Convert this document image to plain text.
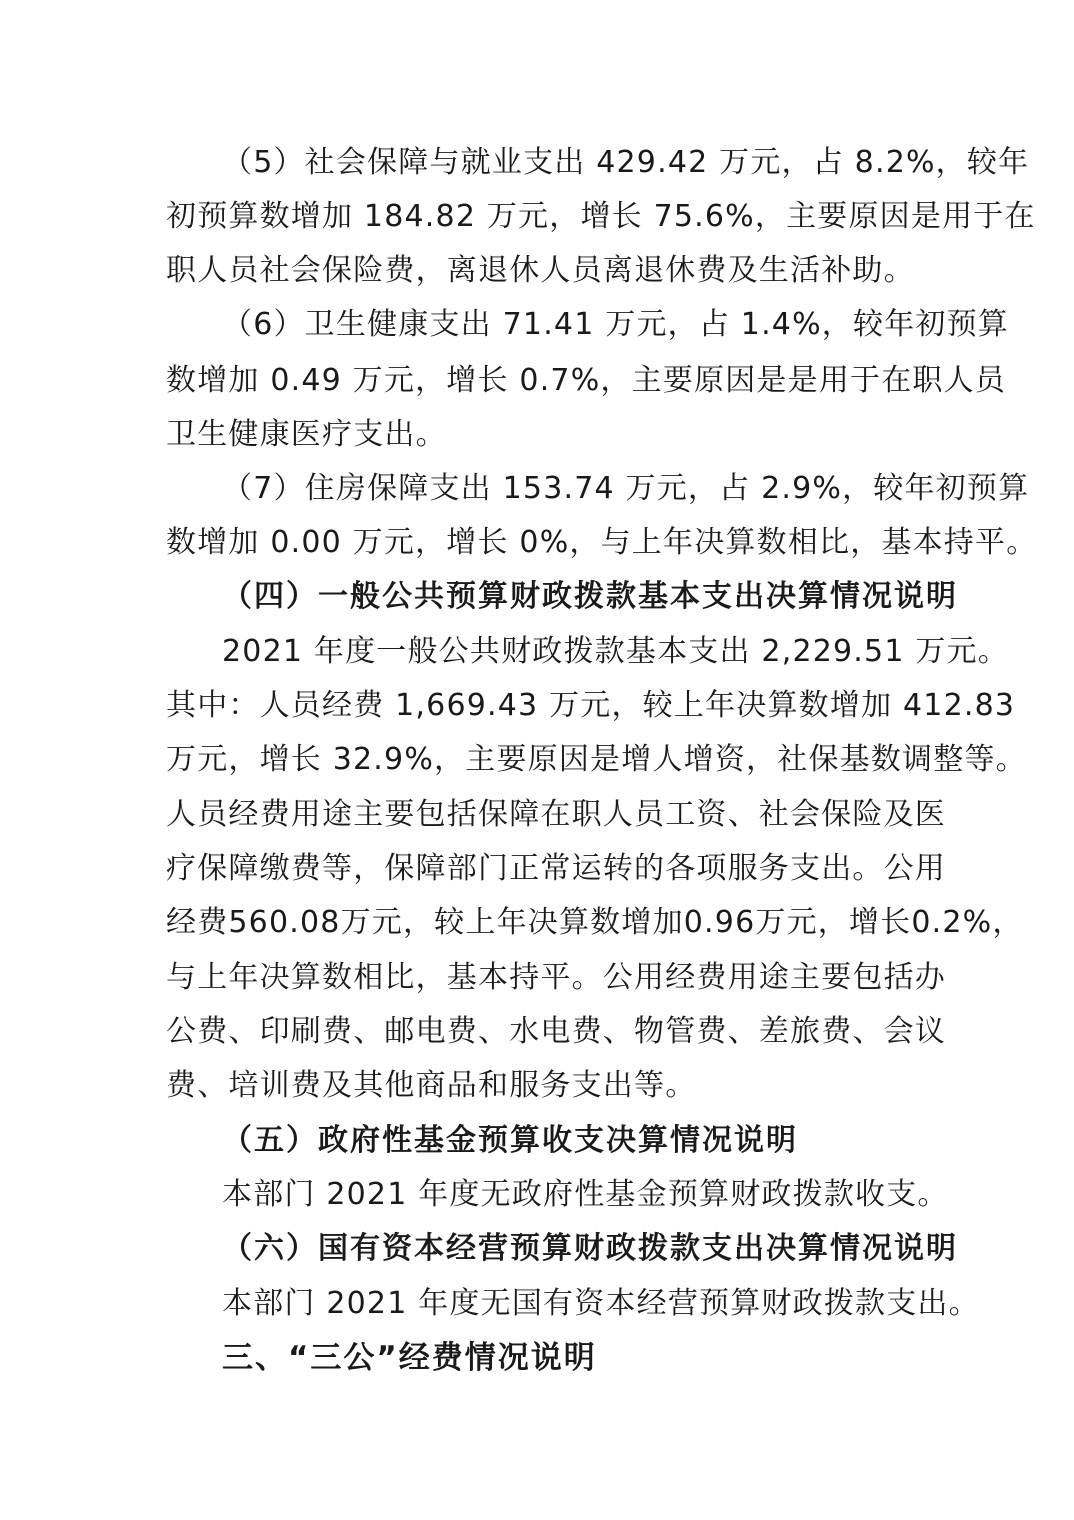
（5）社会保障与就业支出 429.42 万元，占 8.2%，较年
初预算数增加 184.82 万元，增长 75.6%，主要原因是用于在
职人员社会保险费，离退休人员离退休费及生活补助。
（6）卫生健康支出 71.41 万元，占 1.4%，较年初预算
数增加 0.49 万元，增长 0.7%，主要原因是是用于在职人员
卫生健康医疗支出。
（7）住房保障支出 153.74 万元，占 2.9%，较年初预算
数增加 0.00 万元，增长 0%，与上年决算数相比，基本持平。
（四）一般公共预算财政拨款基本支出决算情况说明
2021 年度一般公共财政拨款基本支出 2,229.51 万元。
其中：人员经费 1,669.43 万元，较上年决算数增加 412.83
万元，增长 32.9%，主要原因是增人增资，社保基数调整等。
人员经费用途主要包括保障在职人员工资、社会保险及医
疗保障缴费等，保障部门正常运转的各项服务支出。公用
经费560.08万元，较上年决算数增加0.96万元，增长0.2%，
与上年决算数相比，基本持平。公用经费用途主要包括办
公费、印刷费、邮电费、水电费、物管费、差旅费、会议
费、培训费及其他商品和服务支出等。
（五）政府性基金预算收支决算情况说明
本部门 2021 年度无政府性基金预算财政拨款收支。
（六）国有资本经营预算财政拨款支出决算情况说明
本部门 2021 年度无国有资本经营预算财政拨款支出。
三、“三公”经费情况说明
